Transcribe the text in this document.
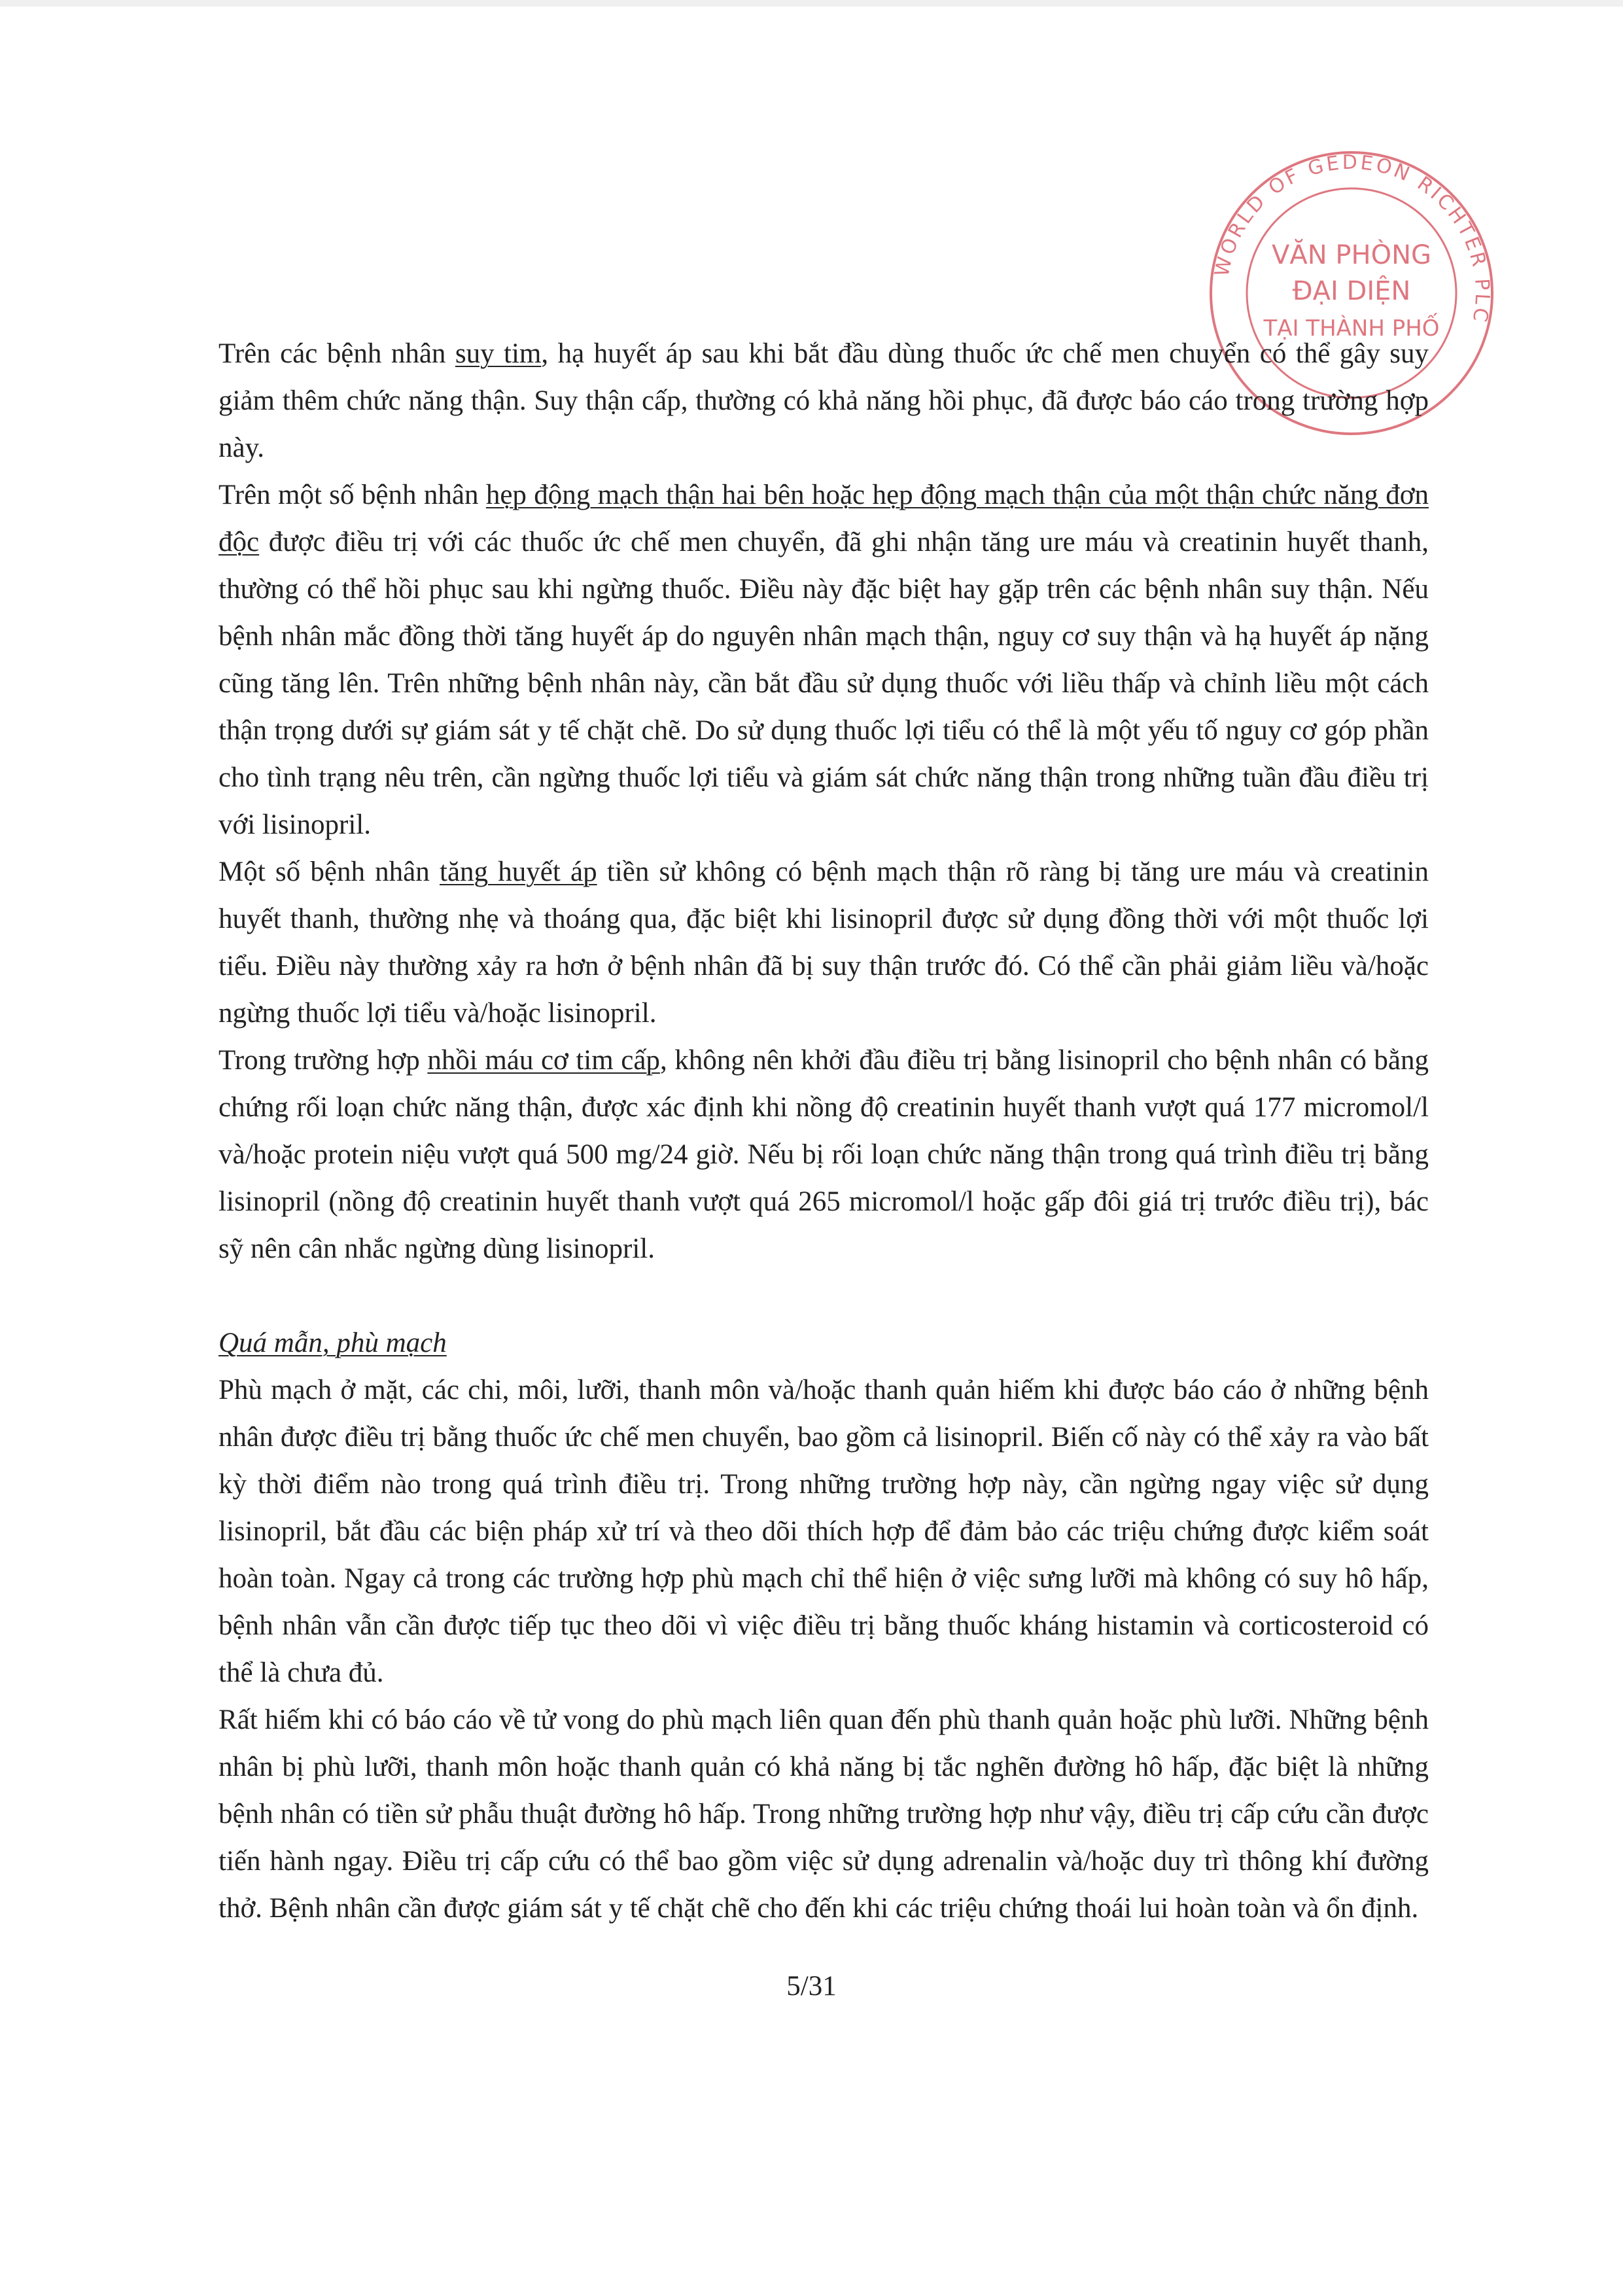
WORLD OF GEDEON RICHTER PLC
VĂN PHÒNG
ĐẠI DIỆN
TẠI THÀNH PHỐ

Trên các bệnh nhân suy tim, hạ huyết áp sau khi bắt đầu dùng thuốc ức chế men chuyển có thể gây suy giảm thêm chức năng thận. Suy thận cấp, thường có khả năng hồi phục, đã được báo cáo trong trường hợp này.

Trên một số bệnh nhân hẹp động mạch thận hai bên hoặc hẹp động mạch thận của một thận chức năng đơn độc được điều trị với các thuốc ức chế men chuyển, đã ghi nhận tăng ure máu và creatinin huyết thanh, thường có thể hồi phục sau khi ngừng thuốc. Điều này đặc biệt hay gặp trên các bệnh nhân suy thận. Nếu bệnh nhân mắc đồng thời tăng huyết áp do nguyên nhân mạch thận, nguy cơ suy thận và hạ huyết áp nặng cũng tăng lên. Trên những bệnh nhân này, cần bắt đầu sử dụng thuốc với liều thấp và chỉnh liều một cách thận trọng dưới sự giám sát y tế chặt chẽ. Do sử dụng thuốc lợi tiểu có thể là một yếu tố nguy cơ góp phần cho tình trạng nêu trên, cần ngừng thuốc lợi tiểu và giám sát chức năng thận trong những tuần đầu điều trị với lisinopril.

Một số bệnh nhân tăng huyết áp tiền sử không có bệnh mạch thận rõ ràng bị tăng ure máu và creatinin huyết thanh, thường nhẹ và thoáng qua, đặc biệt khi lisinopril được sử dụng đồng thời với một thuốc lợi tiểu. Điều này thường xảy ra hơn ở bệnh nhân đã bị suy thận trước đó. Có thể cần phải giảm liều và/hoặc ngừng thuốc lợi tiểu và/hoặc lisinopril.

Trong trường hợp nhồi máu cơ tim cấp, không nên khởi đầu điều trị bằng lisinopril cho bệnh nhân có bằng chứng rối loạn chức năng thận, được xác định khi nồng độ creatinin huyết thanh vượt quá 177 micromol/l và/hoặc protein niệu vượt quá 500 mg/24 giờ. Nếu bị rối loạn chức năng thận trong quá trình điều trị bằng lisinopril (nồng độ creatinin huyết thanh vượt quá 265 micromol/l hoặc gấp đôi giá trị trước điều trị), bác sỹ nên cân nhắc ngừng dùng lisinopril.

Quá mẫn, phù mạch

Phù mạch ở mặt, các chi, môi, lưỡi, thanh môn và/hoặc thanh quản hiếm khi được báo cáo ở những bệnh nhân được điều trị bằng thuốc ức chế men chuyển, bao gồm cả lisinopril. Biến cố này có thể xảy ra vào bất kỳ thời điểm nào trong quá trình điều trị. Trong những trường hợp này, cần ngừng ngay việc sử dụng lisinopril, bắt đầu các biện pháp xử trí và theo dõi thích hợp để đảm bảo các triệu chứng được kiểm soát hoàn toàn. Ngay cả trong các trường hợp phù mạch chỉ thể hiện ở việc sưng lưỡi mà không có suy hô hấp, bệnh nhân vẫn cần được tiếp tục theo dõi vì việc điều trị bằng thuốc kháng histamin và corticosteroid có thể là chưa đủ.

Rất hiếm khi có báo cáo về tử vong do phù mạch liên quan đến phù thanh quản hoặc phù lưỡi. Những bệnh nhân bị phù lưỡi, thanh môn hoặc thanh quản có khả năng bị tắc nghẽn đường hô hấp, đặc biệt là những bệnh nhân có tiền sử phẫu thuật đường hô hấp. Trong những trường hợp như vậy, điều trị cấp cứu cần được tiến hành ngay. Điều trị cấp cứu có thể bao gồm việc sử dụng adrenalin và/hoặc duy trì thông khí đường thở. Bệnh nhân cần được giám sát y tế chặt chẽ cho đến khi các triệu chứng thoái lui hoàn toàn và ổn định.

5/31
